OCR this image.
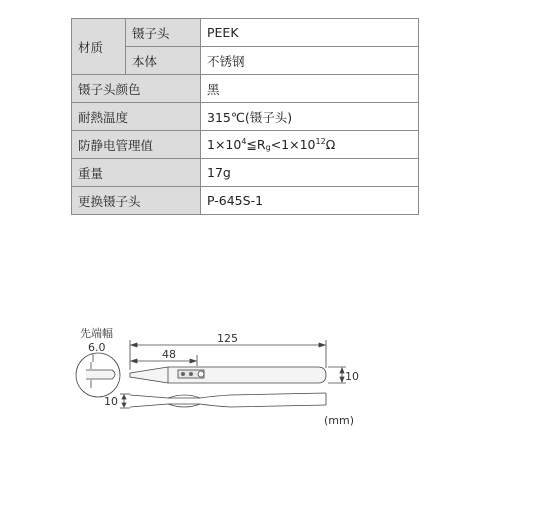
材质	镊子头	PEEK
	本体	不锈钢
镊子头颜色		黑
耐熱温度		315℃(镊子头)
防静电管理值		$1\times 10^4≦R_g<1\times 10^{12}\Omega$
重量		17g
更换镊子头		P-645S-1
先端幅
6.0
125
48
10
10
(mm)
